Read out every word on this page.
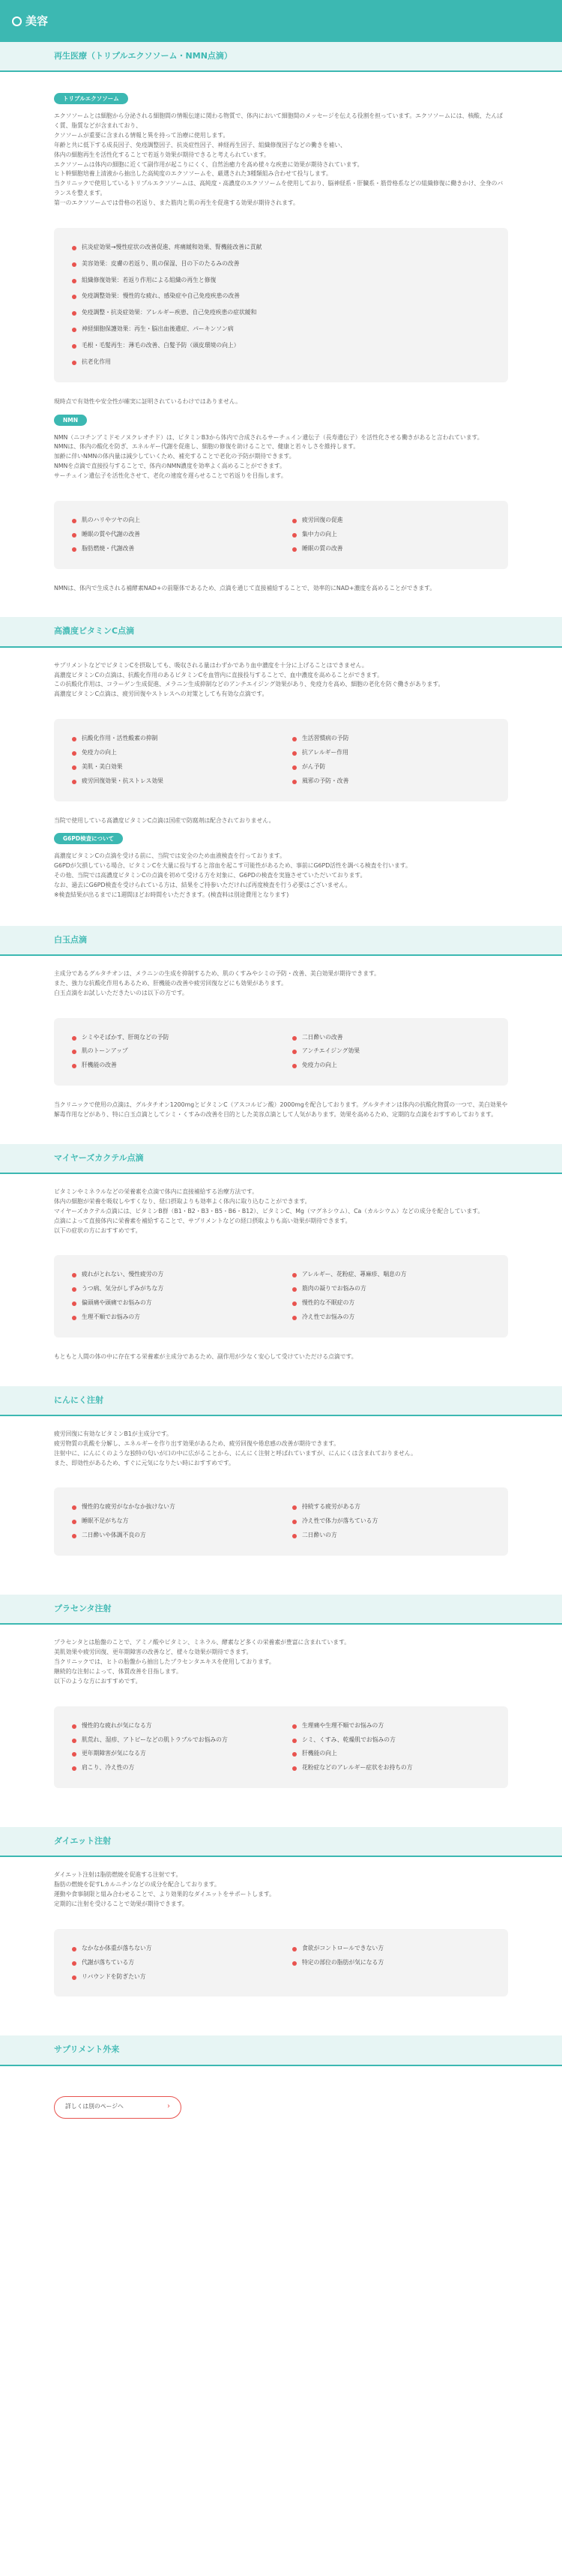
美容
再生医療（トリプルエクソソーム・NMN点滴）
トリプルエクソソーム

エクソソームとは細胞から分泌される細胞間の情報伝達に関わる物質で、体内において細胞間のメッセージを伝える役割を担っています。エクソソームには、核酸、たんぱく質、脂質などが含まれており、

クソソームが重要に含まれる情報と異を持って治療に使用します。

年齢と共に低下する成長因子、免疫調整因子、抗炎症性因子、神経再生因子、組織修復因子などの働きを補い、

体内の細胞再生を活性化することで若返り効果が期待できると考えられています。

エクソソームは体内の細胞に近くて副作用が起こりにくく、自然治癒力を高め様々な疾患に効果が期待されています。

ヒト幹細胞培養上清液から抽出した高純度のエクソソームを、厳選された3種類組み合わせて投与します。

当クリニックで使用しているトリプルエクソソームは、高純度・高濃度のエクソソームを使用しており、脳神経系・肝臓系・筋骨格系などの組織修復に働きかけ、全身のバランスを整えます。

第一のエクソソームでは骨格の若返り、また筋肉と肌の再生を促進する効果が期待されます。

抗炎症効果→慢性症状の改善促進、疼痛緩和効果、腎機能改善に貢献
美容効果：皮膚の若返り、肌の保湿、目の下のたるみの改善
組織修復効果：若返り作用による組織の再生と修復
免疫調整効果：慢性的な疲れ、感染症や自己免疫疾患の改善
免疫調整・抗炎症効果：アレルギー疾患、自己免疫疾患の症状緩和
神経細胞保護効果：再生・脳出血後遺症、パーキンソン病
毛根・毛髪再生：薄毛の改善、白髪予防（頭皮環境の向上）
抗老化作用

現時点で有効性や安全性が確実に証明されているわけではありません。

NMN

NMN（ニコチンアミドモノヌクレオチド）は、ビタミンB3から体内で合成されるサーチュイン遺伝子（長寿遺伝子）を活性化させる働きがあると言われています。

NMNは、体内の酸化を防ぎ、エネルギー代謝を促進し、細胞の修復を助けることで、健康と若々しさを維持します。

加齢に伴いNMNの体内量は減少していくため、補充することで老化の予防が期待できます。

NMNを点滴で直接投与することで、体内のNMN濃度を効率よく高めることができます。

サーチュイン遺伝子を活性化させて、老化の速度を遅らせることで若返りを目指します。

肌のハリやツヤの向上	疲労回復の促進
睡眠の質や代謝の改善	集中力の向上
脂肪燃焼・代謝改善	睡眠の質の改善

NMNは、体内で生成される補酵素NAD+の前駆体であるため、点滴を通じて直接補給することで、効率的にNAD+濃度を高めることができます。

高濃度ビタミンC点滴

サプリメントなどでビタミンCを摂取しても、吸収される量はわずかであり血中濃度を十分に上げることはできません。

高濃度ビタミンCの点滴は、抗酸化作用のあるビタミンCを血管内に直接投与することで、血中濃度を高めることができます。

この抗酸化作用は、コラーゲン生成促進、メラニン生成抑制などのアンチエイジング効果があり、免疫力を高め、細胞の老化を防ぐ働きがあります。

高濃度ビタミンC点滴は、疲労回復やストレスへの対策としても有効な点滴です。

抗酸化作用・活性酸素の抑制	生活習慣病の予防
免疫力の向上	抗アレルギー作用
美肌・美白効果	がん予防
疲労回復効果・抗ストレス効果	風邪の予防・改善

当院で使用している高濃度ビタミンC点滴は国産で防腐剤は配合されておりません。

G6PD検査について

高濃度ビタミンCの点滴を受ける前に、当院では安全のため血液検査を行っております。

G6PDが欠損している場合、ビタミンCを大量に投与すると溶血を起こす可能性があるため、事前にG6PD活性を調べる検査を行います。

その他、当院では高濃度ビタミンCの点滴を初めて受ける方を対象に、G6PDの検査を実施させていただいております。

なお、過去にG6PD検査を受けられている方は、結果をご持参いただければ再度検査を行う必要はございません。

※検査結果が出るまでに1週間ほどお時間をいただきます。(検査料は別途費用となります)

白玉点滴

主成分であるグルタチオンは、メラニンの生成を抑制するため、肌のくすみやシミの予防・改善、美白効果が期待できます。

また、強力な抗酸化作用もあるため、肝機能の改善や疲労回復などにも効果があります。

白玉点滴をお試しいただきたいのは以下の方です。

シミやそばかす、肝斑などの予防	二日酔いの改善
肌のトーンアップ	アンチエイジング効果
肝機能の改善	免疫力の向上

当クリニックで使用の点滴は、グルタチオン1200mgとビタミンC（アスコルビン酸）2000mgを配合しております。グルタチオンは体内の抗酸化物質の一つで、美白効果や解毒作用などがあり、特に白玉点滴としてシミ・くすみの改善を目的とした美容点滴として人気があります。効果を高めるため、定期的な点滴をおすすめしております。

マイヤーズカクテル点滴

ビタミンやミネラルなどの栄養素を点滴で体内に直接補給する治療方法です。

体内の細胞が栄養を吸収しやすくなり、経口摂取よりも効率よく体内に取り込むことができます。

マイヤーズカクテル点滴には、ビタミンB群（B1・B2・B3・B5・B6・B12）、ビタミンC、Mg（マグネシウム）、Ca（カルシウム）などの成分を配合しています。

点滴によって直接体内に栄養素を補給することで、サプリメントなどの経口摂取よりも高い効果が期待できます。

以下の症状の方におすすめです。

疲れがとれない、慢性疲労の方	アレルギー、花粉症、蕁麻疹、喘息の方
うつ病、気分がしずみがちな方	筋肉の凝りでお悩みの方
偏頭痛や頭痛でお悩みの方	慢性的な不眠症の方
生理不順でお悩みの方	冷え性でお悩みの方

もともと人間の体の中に存在する栄養素が主成分であるため、副作用が少なく安心して受けていただける点滴です。

にんにく注射

疲労回復に有効なビタミンB1が主成分です。

疲労物質の乳酸を分解し、エネルギーを作り出す効果があるため、疲労回復や倦怠感の改善が期待できます。

注射中に、にんにくのような独特の匂いが口の中に広がることから、にんにく注射と呼ばれていますが、にんにくは含まれておりません。

また、即効性があるため、すぐに元気になりたい時におすすめです。

慢性的な疲労がなかなか抜けない方	持続する疲労がある方
睡眠不足がちな方	冷え性で体力が落ちている方
二日酔いや体調不良の方	二日酔いの方
プラセンタ注射

プラセンタとは胎盤のことで、アミノ酸やビタミン、ミネラル、酵素など多くの栄養素が豊富に含まれています。

美肌効果や疲労回復、更年期障害の改善など、様々な効果が期待できます。

当クリニックでは、ヒトの胎盤から抽出したプラセンタエキスを使用しております。

継続的な注射によって、体質改善を目指します。

以下のような方におすすめです。

慢性的な疲れが気になる方	生理痛や生理不順でお悩みの方
肌荒れ、湿疹、アトピーなどの肌トラブルでお悩みの方	シミ、くすみ、乾燥肌でお悩みの方
更年期障害が気になる方	肝機能の向上
肩こり、冷え性の方	花粉症などのアレルギー症状をお持ちの方
ダイエット注射

ダイエット注射は脂肪燃焼を促進する注射です。

脂肪の燃焼を促すLカルニチンなどの成分を配合しております。

運動や食事制限と組み合わせることで、より効果的なダイエットをサポートします。

定期的に注射を受けることで効果が期待できます。

なかなか体重が落ちない方	食欲がコントロールできない方
代謝が落ちている方	特定の部位の脂肪が気になる方
リバウンドを防ぎたい方
サプリメント外来
詳しくは別のページへ	›
